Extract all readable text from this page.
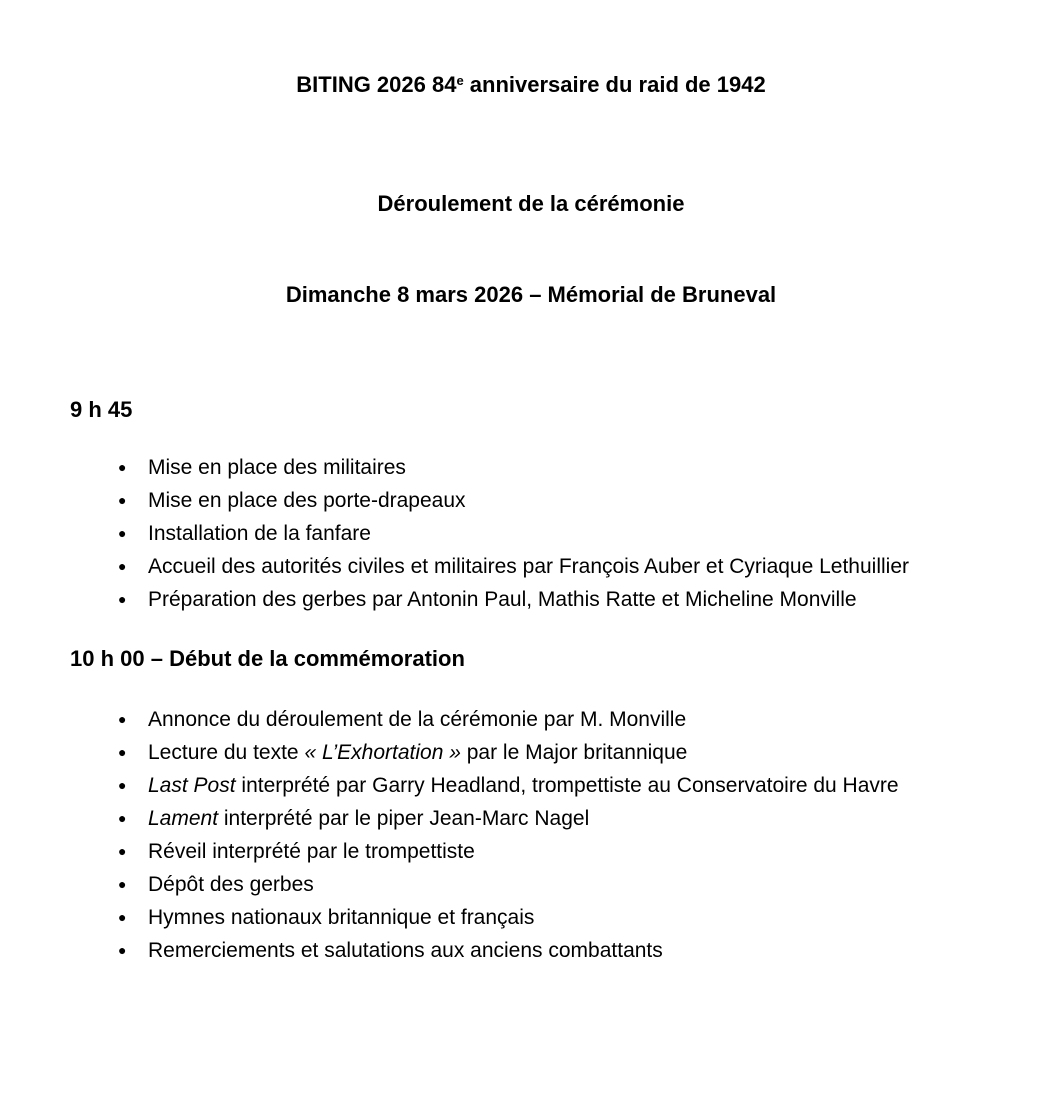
BITING 2026 84e anniversaire du raid de 1942
Déroulement de la cérémonie
Dimanche 8 mars 2026 – Mémorial de Bruneval
9 h 45
● Mise en place des militaires
● Mise en place des porte-drapeaux
● Installation de la fanfare
● Accueil des autorités civiles et militaires par François Auber et Cyriaque Lethuillier
● Préparation des gerbes par Antonin Paul, Mathis Ratte et Micheline Monville
10 h 00 – Début de la commémoration
● Annonce du déroulement de la cérémonie par M. Monville
● Lecture du texte « L’Exhortation » par le Major britannique
● Last Post interprété par Garry Headland, trompettiste au Conservatoire du Havre
● Lament interprété par le piper Jean-Marc Nagel
● Réveil interprété par le trompettiste
● Dépôt des gerbes
● Hymnes nationaux britannique et français
● Remerciements et salutations aux anciens combattants
